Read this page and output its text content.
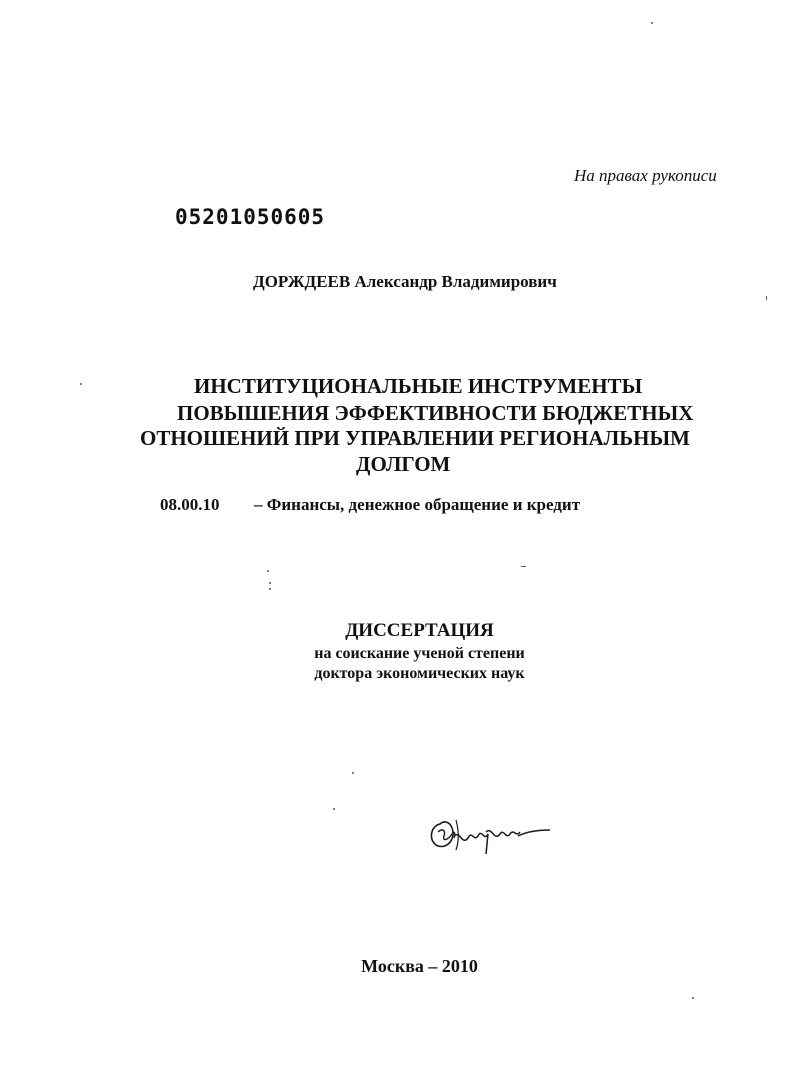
На правах рукописи
05201050605
ДОРЖДЕЕВ Александр Владимирович
ИНСТИТУЦИОНАЛЬНЫЕ ИНСТРУМЕНТЫ
ПОВЫШЕНИЯ ЭФФЕКТИВНОСТИ БЮДЖЕТНЫХ
ОТНОШЕНИЙ ПРИ УПРАВЛЕНИИ РЕГИОНАЛЬНЫМ
ДОЛГОМ
08.00.10 – Финансы, денежное обращение и кредит
ДИССЕРТАЦИЯ
на соискание ученой степени
доктора экономических наук
Москва – 2010
